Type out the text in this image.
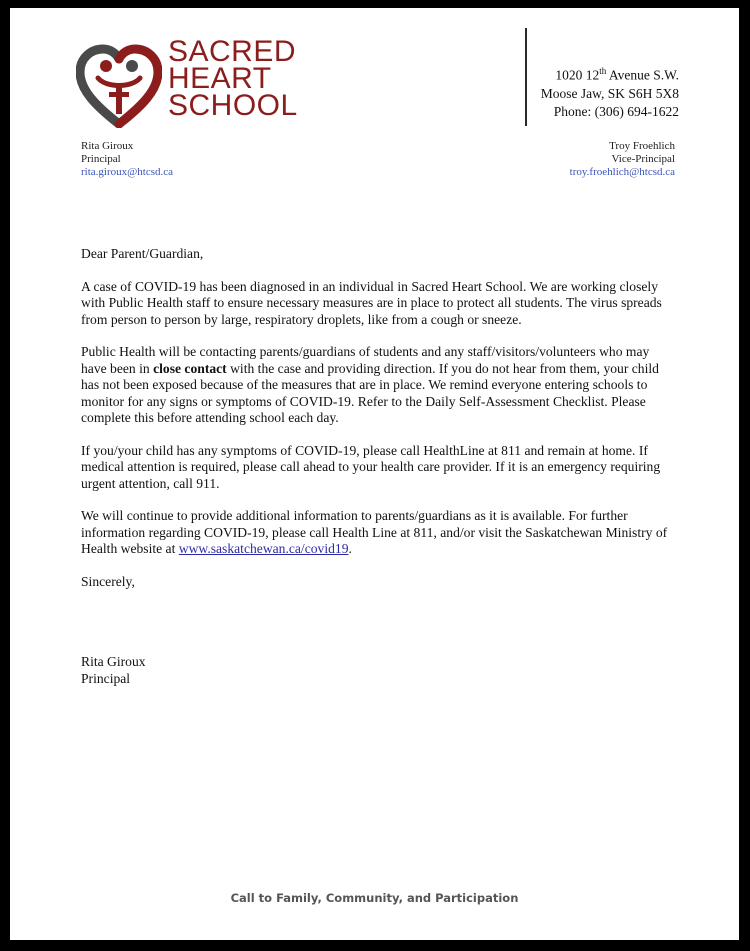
SACRED
HEART
SCHOOL
1020 12th Avenue S.W.
Moose Jaw, SK S6H 5X8
Phone: (306) 694-1622
Rita Giroux
Principal
rita.giroux@htcsd.ca
Troy Froehlich
Vice-Principal
troy.froehlich@htcsd.ca

Dear Parent/Guardian,

A case of COVID-19 has been diagnosed in an individual in Sacred Heart School. We are working closely with Public Health staff to ensure necessary measures are in place to protect all students. The virus spreads from person to person by large, respiratory droplets, like from a cough or sneeze.

Public Health will be contacting parents/guardians of students and any staff/visitors/volunteers who may have been in close contact with the case and providing direction. If you do not hear from them, your child has not been exposed because of the measures that are in place. We remind everyone entering schools to monitor for any signs or symptoms of COVID-19. Refer to the Daily Self-Assessment Checklist. Please complete this before attending school each day.

If you/your child has any symptoms of COVID-19, please call HealthLine at 811 and remain at home. If medical attention is required, please call ahead to your health care provider. If it is an emergency requiring urgent attention, call 911.

We will continue to provide additional information to parents/guardians as it is available. For further information regarding COVID-19, please call Health Line at 811, and/or visit the Saskatchewan Ministry of Health website at www.saskatchewan.ca/covid19.

Sincerely,

Rita Giroux
Principal
Call to Family, Community, and Participation
